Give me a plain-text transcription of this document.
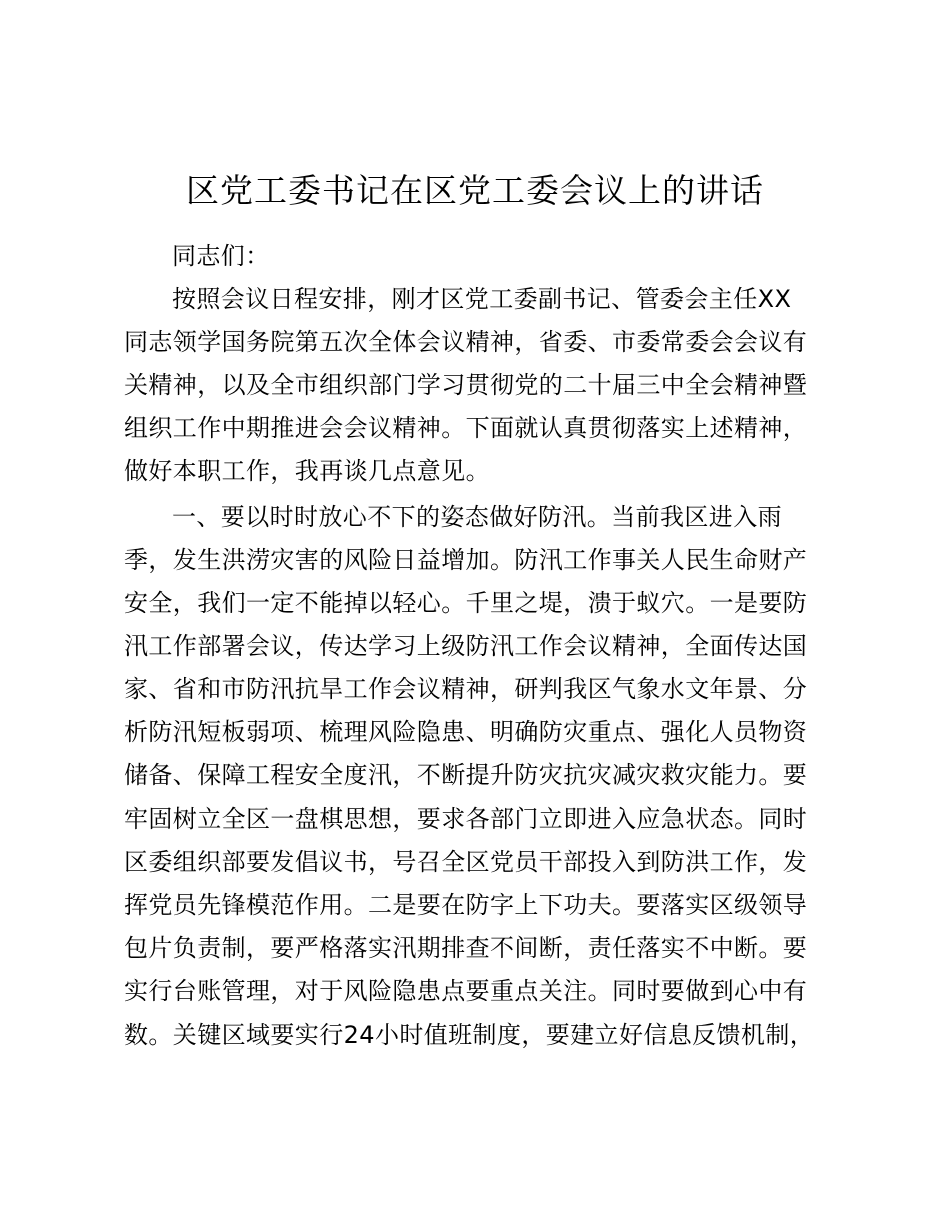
区党工委书记在区党工委会议上的讲话
同志们：
按照会议日程安排，刚才区党工委副书记、管委会主任XX
同志领学国务院第五次全体会议精神，省委、市委常委会会议有
关精神，以及全市组织部门学习贯彻党的二十届三中全会精神暨
组织工作中期推进会会议精神。下面就认真贯彻落实上述精神，
做好本职工作，我再谈几点意见。
一、要以时时放心不下的姿态做好防汛。当前我区进入雨
季，发生洪涝灾害的风险日益增加。防汛工作事关人民生命财产
安全，我们一定不能掉以轻心。千里之堤，溃于蚁穴。一是要防
汛工作部署会议，传达学习上级防汛工作会议精神，全面传达国
家、省和市防汛抗旱工作会议精神，研判我区气象水文年景、分
析防汛短板弱项、梳理风险隐患、明确防灾重点、强化人员物资
储备、保障工程安全度汛，不断提升防灾抗灾减灾救灾能力。要
牢固树立全区一盘棋思想，要求各部门立即进入应急状态。同时
区委组织部要发倡议书，号召全区党员干部投入到防洪工作，发
挥党员先锋模范作用。二是要在防字上下功夫。要落实区级领导
包片负责制，要严格落实汛期排查不间断，责任落实不中断。要
实行台账管理，对于风险隐患点要重点关注。同时要做到心中有
数。关键区域要实行24小时值班制度，要建立好信息反馈机制，
